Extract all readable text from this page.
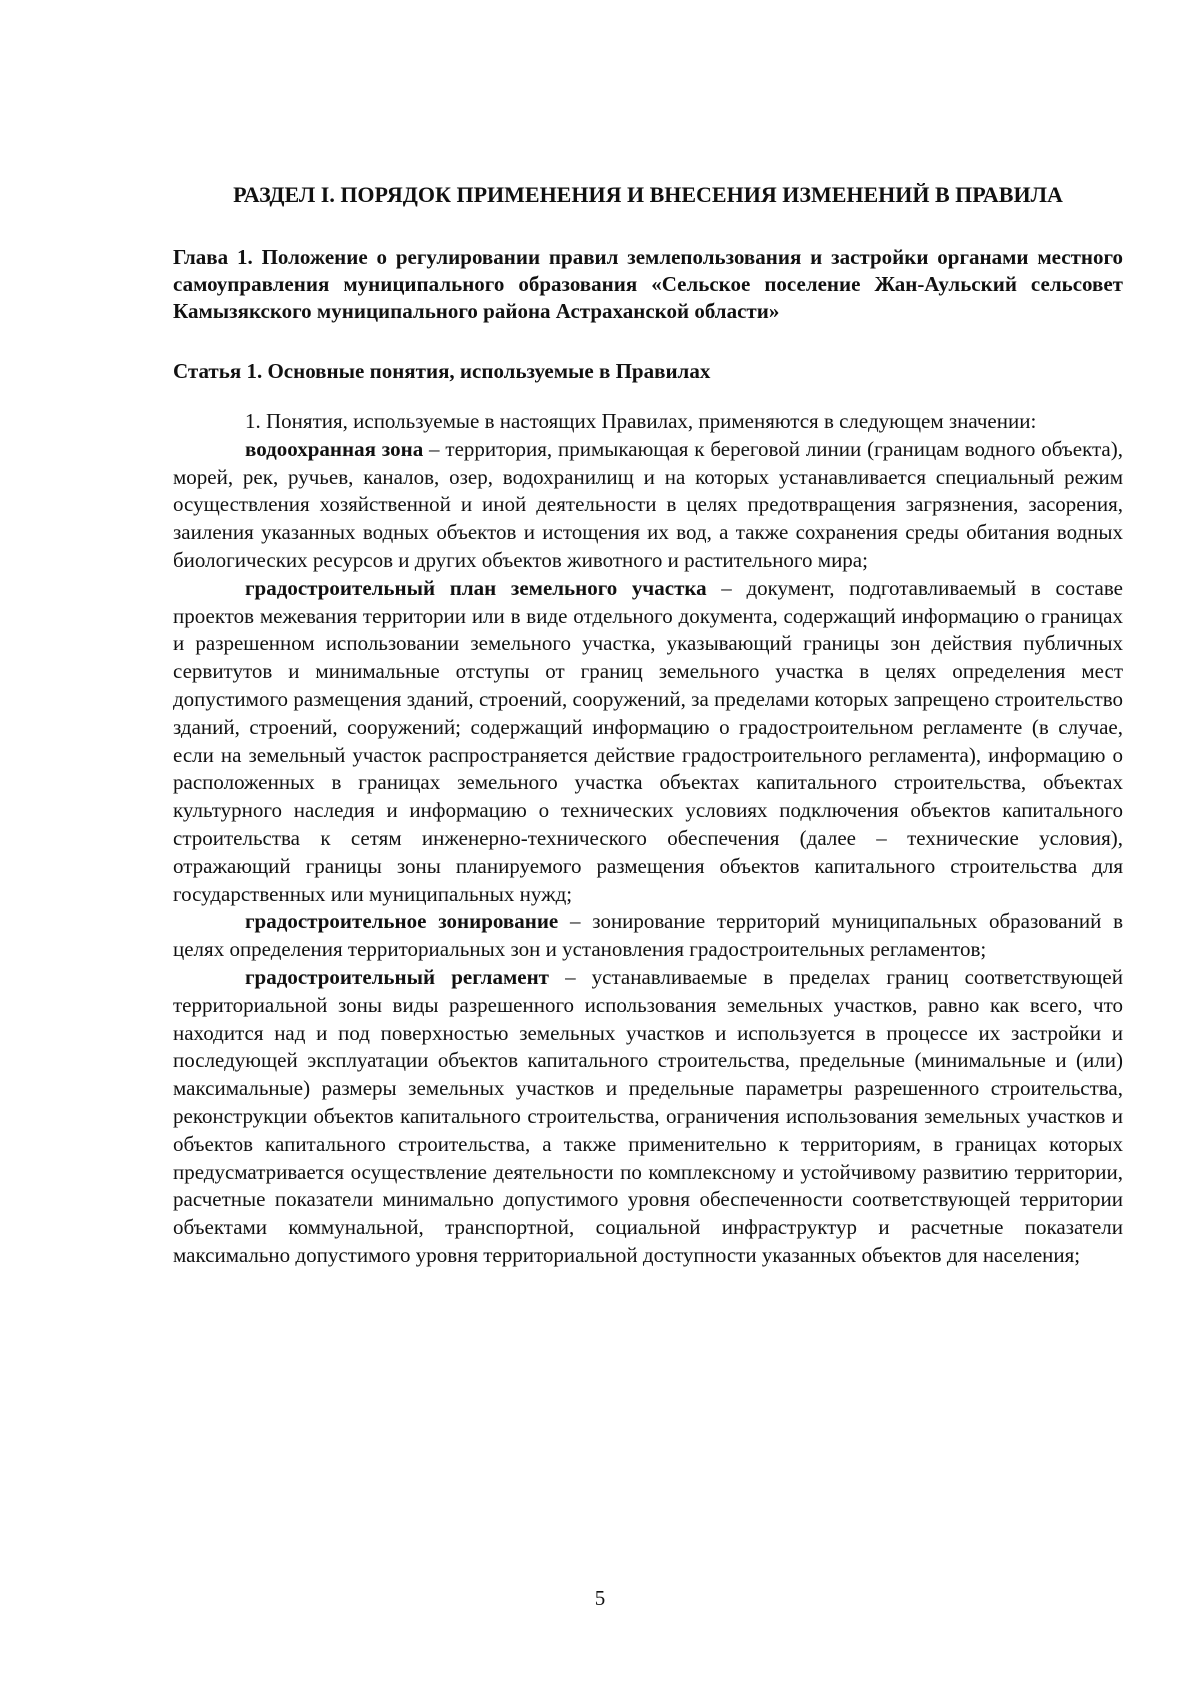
РАЗДЕЛ I. ПОРЯДОК ПРИМЕНЕНИЯ И ВНЕСЕНИЯ ИЗМЕНЕНИЙ В ПРАВИЛА
Глава 1. Положение о регулировании правил землепользования и застройки органами местного самоуправления муниципального образования «Сельское поселение Жан-Аульский сельсовет Камызякского муниципального района Астраханской области»
Статья 1. Основные понятия, используемые в Правилах

1. Понятия, используемые в настоящих Правилах, применяются в следующем значении:

водоохранная зона – территория, примыкающая к береговой линии (границам водного объекта), морей, рек, ручьев, каналов, озер, водохранилищ и на которых устанавливается специальный режим осуществления хозяйственной и иной деятельности в целях предотвращения загрязнения, засорения, заиления указанных водных объектов и истощения их вод, а также сохранения среды обитания водных биологических ресурсов и других объектов животного и растительного мира;

градостроительный план земельного участка – документ, подготавливаемый в составе проектов межевания территории или в виде отдельного документа, содержащий информацию о границах и разрешенном использовании земельного участка, указывающий границы зон действия публичных сервитутов и минимальные отступы от границ земельного участка в целях определения мест допустимого размещения зданий, строений, сооружений, за пределами которых запрещено строительство зданий, строений, сооружений; содержащий информацию о градостроительном регламенте (в случае, если на земельный участок распространяется действие градостроительного регламента), информацию о расположенных в границах земельного участка объектах капитального строительства, объектах культурного наследия и информацию о технических условиях подключения объектов капитального строительства к сетям инженерно-технического обеспечения (далее – технические условия), отражающий границы зоны планируемого размещения объектов капитального строительства для государственных или муниципальных нужд;

градостроительное зонирование – зонирование территорий муниципальных образований в целях определения территориальных зон и установления градостроительных регламентов;

градостроительный регламент – устанавливаемые в пределах границ соответствующей территориальной зоны виды разрешенного использования земельных участков, равно как всего, что находится над и под поверхностью земельных участков и используется в процессе их застройки и последующей эксплуатации объектов капитального строительства, предельные (минимальные и (или) максимальные) размеры земельных участков и предельные параметры разрешенного строительства, реконструкции объектов капитального строительства, ограничения использования земельных участков и объектов капитального строительства, а также применительно к территориям, в границах которых предусматривается осуществление деятельности по комплексному и устойчивому развитию территории, расчетные показатели минимально допустимого уровня обеспеченности соответствующей территории объектами коммунальной, транспортной, социальной инфраструктур и расчетные показатели максимально допустимого уровня территориальной доступности указанных объектов для населения;

5
